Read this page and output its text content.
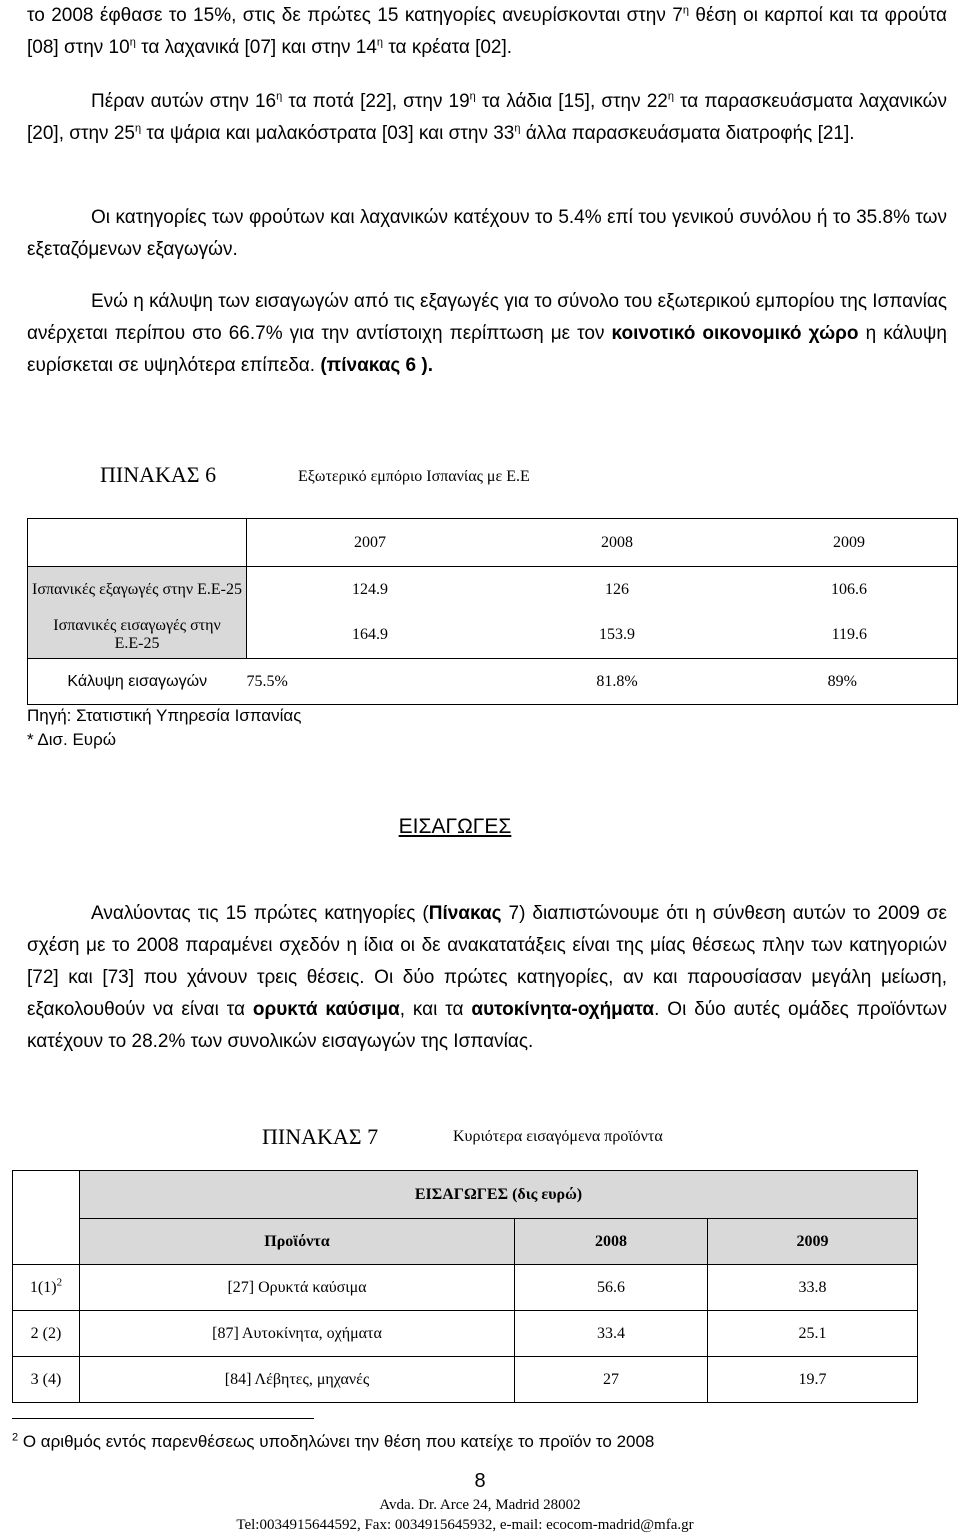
το 2008 έφθασε το 15%, στις δε πρώτες 15 κατηγορίες ανευρίσκονται στην $7^\eta$ θέση οι καρποί και τα φρούτα [08] στην $10^\eta$ τα λαχανικά [07] και στην $14^\eta$ τα κρέατα [02].

Πέραν αυτών στην $16^\eta$ τα ποτά [22], στην $19^\eta$ τα λάδια [15], στην $22^\eta$ τα παρασκευάσματα λαχανικών [20], στην $25^\eta$ τα ψάρια και μαλακόστρατα [03] και στην $33^\eta$ άλλα παρασκευάσματα διατροφής [21].

Οι κατηγορίες των φρούτων και λαχανικών κατέχουν το 5.4% επί του γενικού συνόλου ή το 35.8% των εξεταζόμενων εξαγωγών.

Ενώ η κάλυψη των εισαγωγών από τις εξαγωγές για το σύνολο του εξωτερικού εμπορίου της Ισπανίας ανέρχεται περίπου στο 66.7% για την αντίστοιχη περίπτωση με τον κοινοτικό οικονομικό χώρο η κάλυψη ευρίσκεται σε υψηλότερα επίπεδα. (πίνακας 6 ).

ΠΙΝΑΚΑΣ 6	Εξωτερικό εμπόριο Ισπανίας με Ε.Ε
	2007	2008	2009
Ισπανικές εξαγωγές στην Ε.Ε-25	124.9	126	106.6
Ισπανικές εισαγωγές στην Ε.Ε-25	164.9	153.9	119.6
Κάλυψη εισαγωγών	75.5%	81.8%	89%
Πηγή: Στατιστική Υπηρεσία Ισπανίας
* Δισ. Ευρώ
ΕΙΣΑΓΩΓΕΣ

Αναλύοντας τις 15 πρώτες κατηγορίες (Πίνακας 7) διαπιστώνουμε ότι η σύνθεση αυτών το 2009 σε σχέση με το 2008 παραμένει σχεδόν η ίδια οι δε ανακατατάξεις είναι της μίας θέσεως πλην των κατηγοριών [72] και [73] που χάνουν τρεις θέσεις. Οι δύο πρώτες κατηγορίες, αν και παρουσίασαν μεγάλη μείωση, εξακολουθούν να είναι τα ορυκτά καύσιμα, και τα αυτοκίνητα-οχήματα. Οι δύο αυτές ομάδες προϊόντων κατέχουν το 28.2% των συνολικών εισαγωγών της Ισπανίας.

ΠΙΝΑΚΑΣ 7	Κυριότερα εισαγόμενα προϊόντα
	ΕΙΣΑΓΩΓΕΣ (δις ευρώ)		
	Προϊόντα	2008	2009
$1(1)^2$	[27] Ορυκτά καύσιμα	56.6	33.8
2 (2)	[87] Αυτοκίνητα, οχήματα	33.4	25.1
3 (4)	[84] Λέβητες, μηχανές	27	19.7
$^2$ Ο αριθμός εντός παρενθέσεως υποδηλώνει την θέση που κατείχε το προϊόν το 2008
8
Avda. Dr. Arce 24, Madrid 28002
Tel:0034915644592, Fax: 0034915645932, e-mail: ecocom-madrid@mfa.gr
